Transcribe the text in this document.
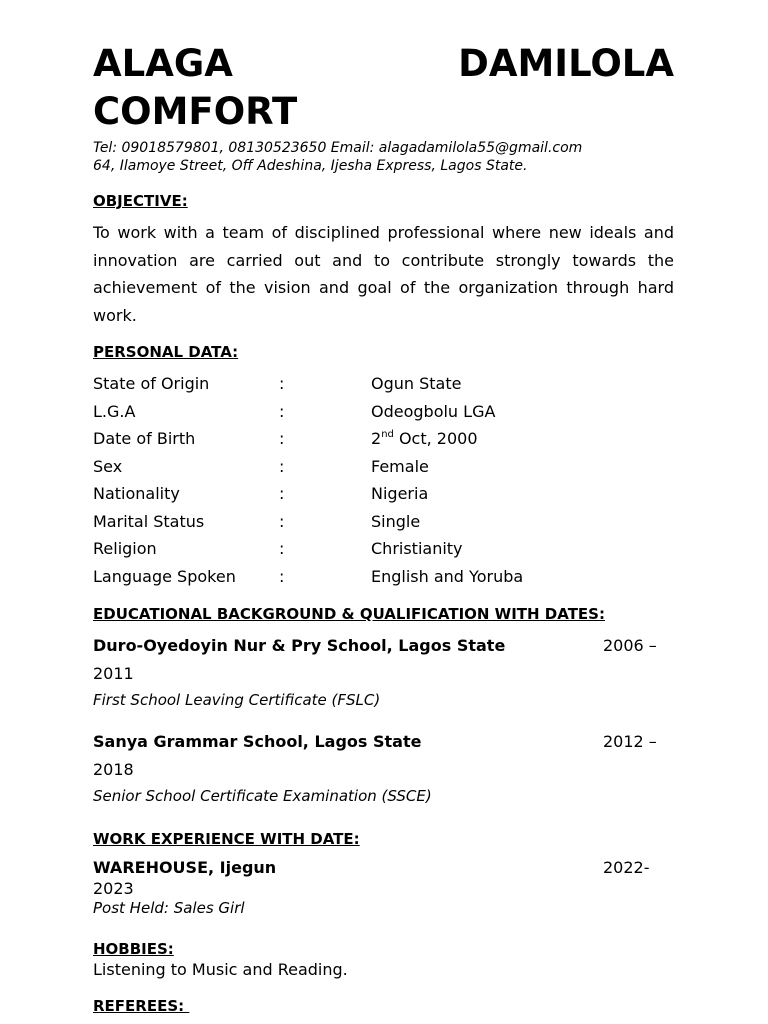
ALAGA	DAMILOLA
COMFORT
Tel: 09018579801, 08130523650 Email: alagadamilola55@gmail.com
64, Ilamoye Street, Off Adeshina, Ijesha Express, Lagos State.
OBJECTIVE:
To work with a team of disciplined professional where new ideals and innovation are carried out and to contribute strongly towards the achievement of the vision and goal of the organization through hard work.
PERSONAL DATA:
State of Origin	:	Ogun State
L.G.A	:	Odeogbolu LGA
Date of Birth	:	2nd Oct, 2000
Sex	:	Female
Nationality	:	Nigeria
Marital Status	:	Single
Religion	:	Christianity
Language Spoken	:	English and Yoruba
EDUCATIONAL BACKGROUND & QUALIFICATION WITH DATES:
Duro-Oyedoyin Nur & Pry School, Lagos State	2006 –
2011
First School Leaving Certificate (FSLC)
Sanya Grammar School, Lagos State	2012 –
2018
Senior School Certificate Examination (SSCE)
WORK EXPERIENCE WITH DATE:
WAREHOUSE, Ijegun	2022-
2023
Post Held: Sales Girl
HOBBIES:
Listening to Music and Reading.
REFEREES:
